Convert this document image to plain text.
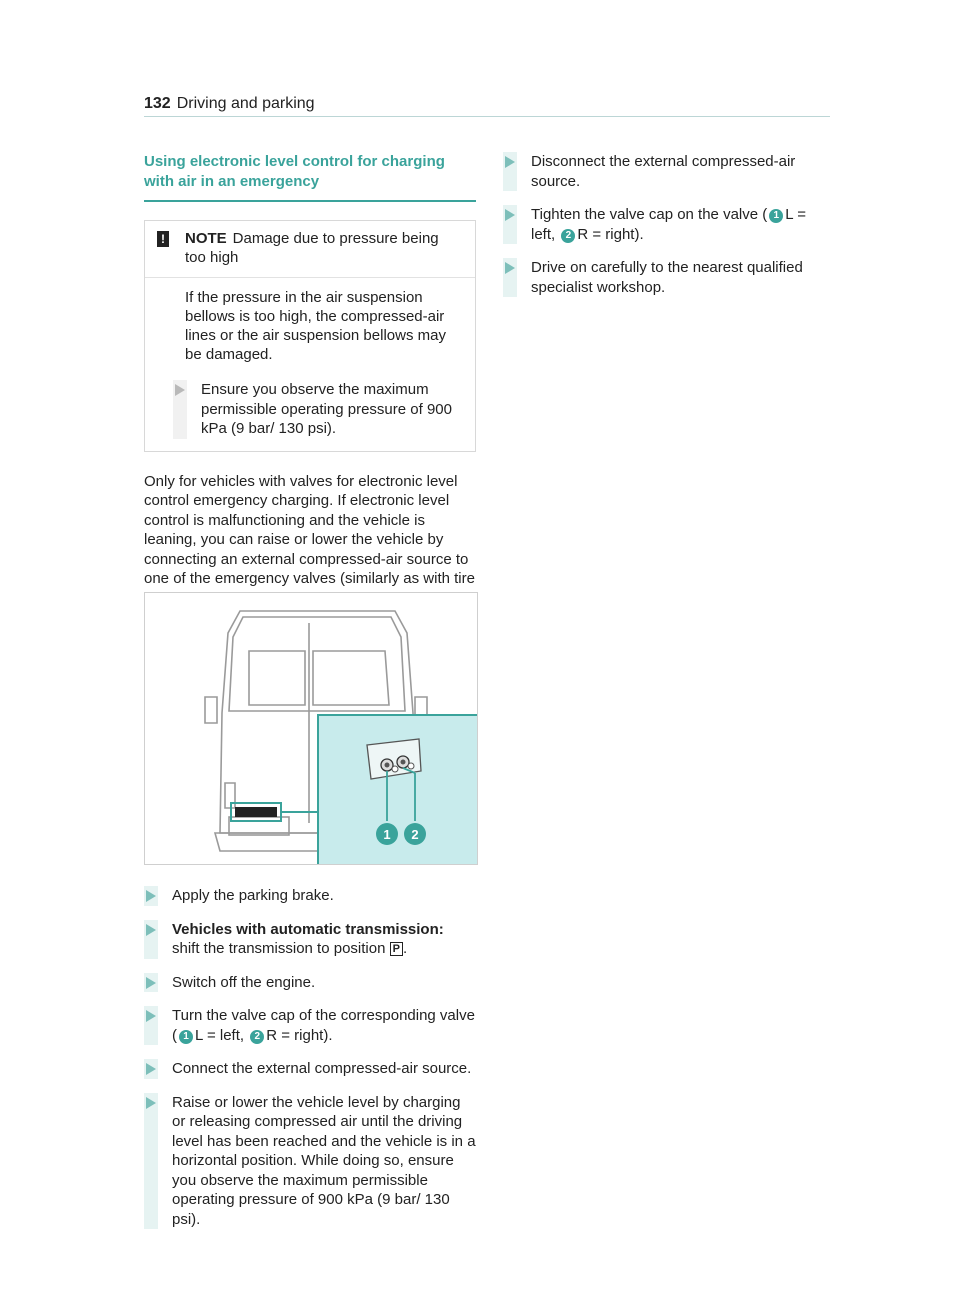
132 Driving and parking
Using electronic level control for charging
with air in an emergency
! NOTE Damage due to pressure being too high
If the pressure in the air suspension bellows is too high, the compressed-air lines or the air suspension bellows may be damaged.
Ensure you observe the maximum permissible operating pressure of 900 kPa (9 bar/ 130 psi).

Only for vehicles with valves for electronic level control emergency charging. If electronic level control is malfunctioning and the vehicle is leaning, you can raise or lower the vehicle by connecting an external compressed-air source to one of the emergency valves (similarly as with tire

1 2
Apply the parking brake.
Vehicles with automatic transmission:
shift the transmission to position P .
Switch off the engine.
Turn the valve cap of the corresponding valve ( 1 L = left, 2 R = right).
Connect the external compressed-air source.
Raise or lower the vehicle level by charging or releasing compressed air until the driving level has been reached and the vehicle is in a horizontal position. While doing so, ensure you observe the maximum permissible operating pressure of 900 kPa (9 bar/ 130 psi).
Disconnect the external compressed-air source.
Tighten the valve cap on the valve ( 1 L = left, 2 R = right).
Drive on carefully to the nearest qualified specialist workshop.
